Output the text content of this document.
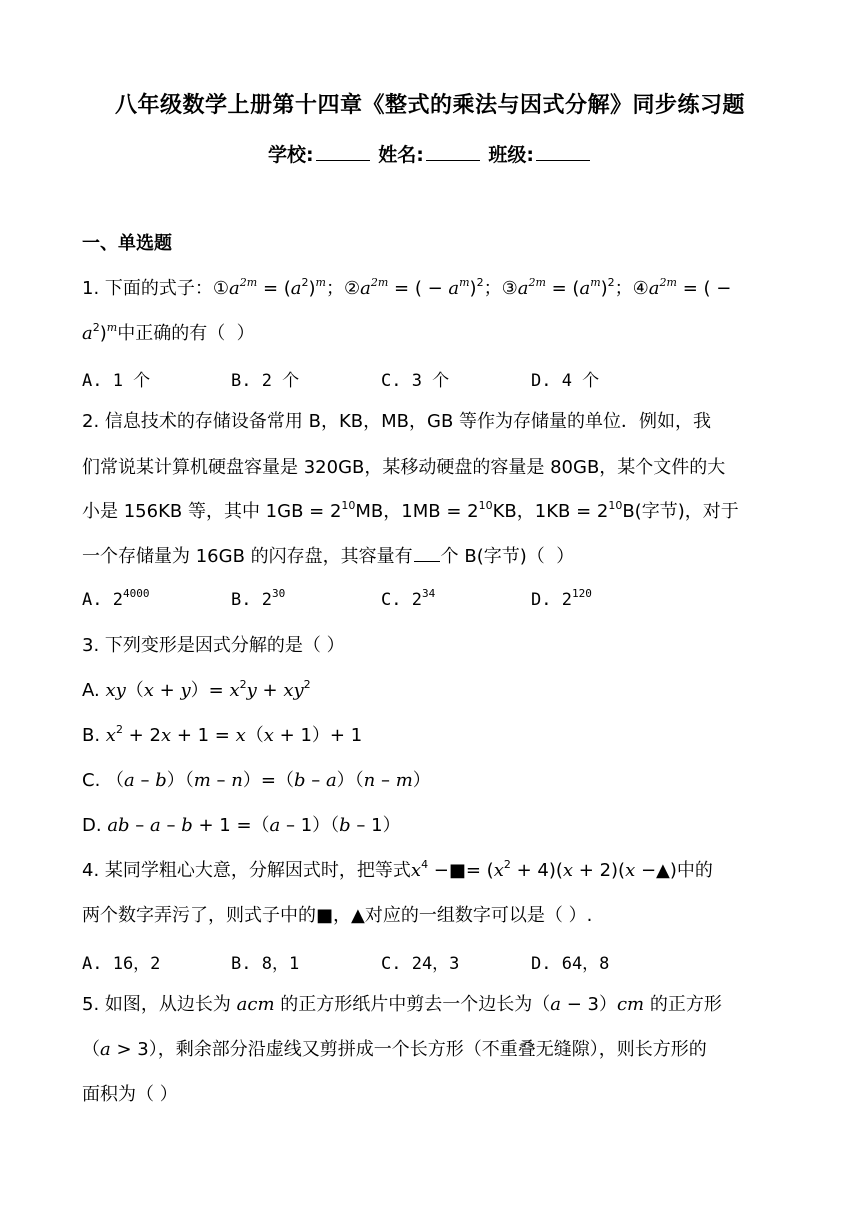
八年级数学上册第十四章《整式的乘法与因式分解》同步练习题
学校:	姓名:	班级:
一、单选题
1. 下面的式子：$①a^{2m} = (a^2)^m$；$②a^{2m}$ = ( − $a^m)^2$；$③a^{2m} = (a^m)^2$；$④a^{2m}$ = ( −
$a^2)^m$中正确的有（  ）
A. 1 个	B. 2 个	C. 3 个	D. 4 个
2. 信息技术的存储设备常用 B，KB，MB，GB 等作为存储量的单位．例如，我
们常说某计算机硬盘容量是 320GB，某移动硬盘的容量是 80GB，某个文件的大
小是 156KB 等，其中 $1GB = 2^{10}MB$，$1MB = 2^{10}KB$，$1KB = 2^{10}B$(字节)，对于
一个存储量为 16GB 的闪存盘，其容量有 个 B(字节)（  ）
A. $2^{4000}$	B. $2^{30}$	C. $2^{34}$	D. $2^{120}$
3. 下列变形是因式分解的是（ ）
A. $xy(x + y)= x^2y + xy^2$
B. $x^2 + 2x + 1 = x(x + 1)+ 1$
C. （a – b）（m – n）=（b – a）（n – m）
D. ab – a – b + 1 =（a – 1）（b – 1）
4. 某同学粗心大意，分解因式时，把等式$x^4$ −■= $(x^2 + 4)(x + 2)(x$ −▲)中的
两个数字弄污了，则式子中的■，▲对应的一组数字可以是（ ）.
A. 16，2	B. 8，1	C. 24，3	D. 64，8
5. 如图，从边长为 acm 的正方形纸片中剪去一个边长为（a − 3）cm 的正方形
（a > 3），剩余部分沿虚线又剪拼成一个长方形（不重叠无缝隙），则长方形的
面积为（ ）
